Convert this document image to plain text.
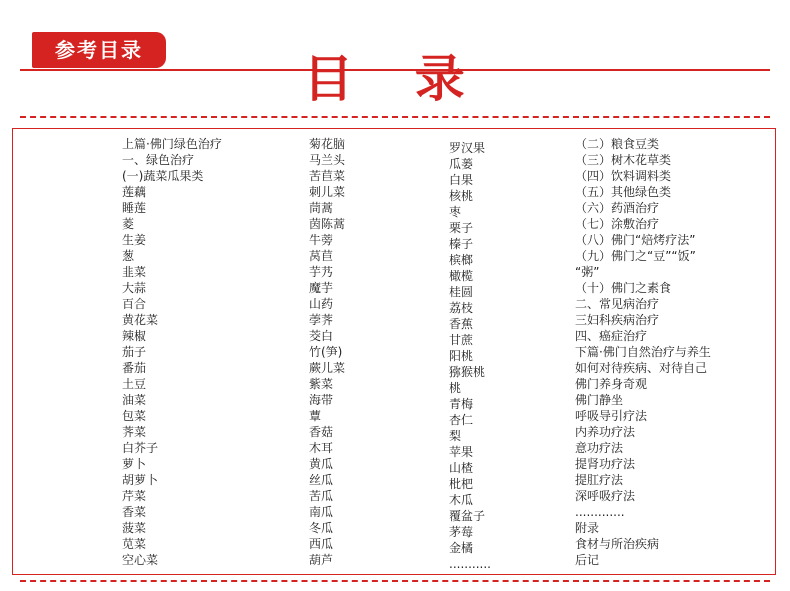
参考目录	目 录
上篇·佛门绿色治疗
一、绿色治疗
(一)蔬菜瓜果类
莲藕
睡莲
菱
生姜
葱
韭菜
大蒜
百合
黄花菜
辣椒
茄子
番茄
土豆
油菜
包菜
荠菜
白芥子
萝卜
胡萝卜
芹菜
香菜
菠菜
苋菜
空心菜
菊花脑
马兰头
苦苣菜
刺儿菜
茼蒿
茵陈蒿
牛蒡
莴苣
芋艿
魔芋
山药
荸荠
茭白
竹(笋)
蕨儿菜
紫菜
海带
蕈
香菇
木耳
黄瓜
丝瓜
苦瓜
南瓜
冬瓜
西瓜
葫芦
罗汉果
瓜蒌
白果
核桃
枣
栗子
榛子
槟榔
橄榄
桂圆
荔枝
香蕉
甘蔗
阳桃
猕猴桃
桃
青梅
杏仁
梨
苹果
山楂
枇杷
木瓜
覆盆子
茅莓
金橘
...........
（二）粮食豆类
（三）树木花草类
（四）饮料调料类
（五）其他绿色类
（六）药酒治疗
（七）涂敷治疗
（八）佛门“焙烤疗法”
（九）佛门之“豆”“饭”
“粥”
（十）佛门之素食
二、常见病治疗
三妇科疾病治疗
四、癌症治疗
下篇·佛门自然治疗与养生
如何对待疾病、对待自己
佛门养身奇观
佛门静坐
呼吸导引疗法
内养功疗法
意功疗法
提肾功疗法
提肛疗法
深呼吸疗法
.............
附录
食材与所治疾病
后记
